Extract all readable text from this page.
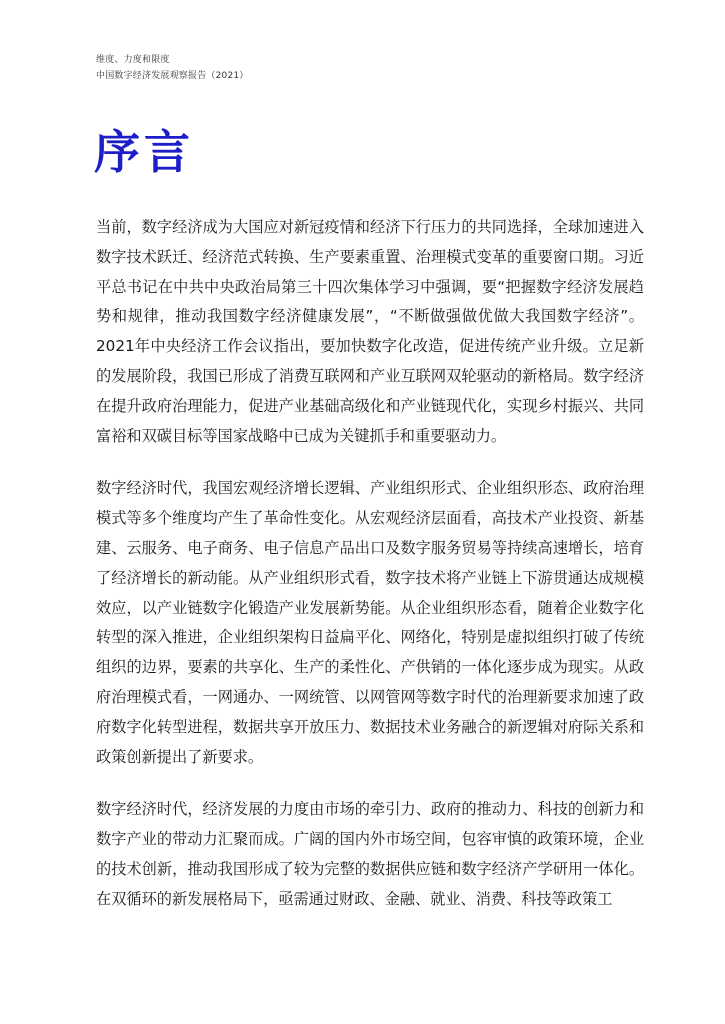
维度、力度和限度
中国数字经济发展观察报告（2021）
序言

当前，数字经济成为大国应对新冠疫情和经济下行压力的共同选择，全球加速进入数字技术跃迁、经济范式转换、生产要素重置、治理模式变革的重要窗口期。习近平总书记在中共中央政治局第三十四次集体学习中强调，要“把握数字经济发展趋势和规律，推动我国数字经济健康发展”，“不断做强做优做大我国数字经济”。2021年中央经济工作会议指出，要加快数字化改造，促进传统产业升级。立足新的发展阶段，我国已形成了消费互联网和产业互联网双轮驱动的新格局。数字经济在提升政府治理能力，促进产业基础高级化和产业链现代化，实现乡村振兴、共同富裕和双碳目标等国家战略中已成为关键抓手和重要驱动力。

数字经济时代，我国宏观经济增长逻辑、产业组织形式、企业组织形态、政府治理模式等多个维度均产生了革命性变化。从宏观经济层面看，高技术产业投资、新基建、云服务、电子商务、电子信息产品出口及数字服务贸易等持续高速增长，培育了经济增长的新动能。从产业组织形式看，数字技术将产业链上下游贯通达成规模效应，以产业链数字化锻造产业发展新势能。从企业组织形态看，随着企业数字化转型的深入推进，企业组织架构日益扁平化、网络化，特别是虚拟组织打破了传统组织的边界，要素的共享化、生产的柔性化、产供销的一体化逐步成为现实。从政府治理模式看，一网通办、一网统管、以网管网等数字时代的治理新要求加速了政府数字化转型进程，数据共享开放压力、数据技术业务融合的新逻辑对府际关系和政策创新提出了新要求。

数字经济时代，经济发展的力度由市场的牵引力、政府的推动力、科技的创新力和数字产业的带动力汇聚而成。广阔的国内外市场空间，包容审慎的政策环境，企业的技术创新，推动我国形成了较为完整的数据供应链和数字经济产学研用一体化。在双循环的新发展格局下，亟需通过财政、金融、就业、消费、科技等政策工
